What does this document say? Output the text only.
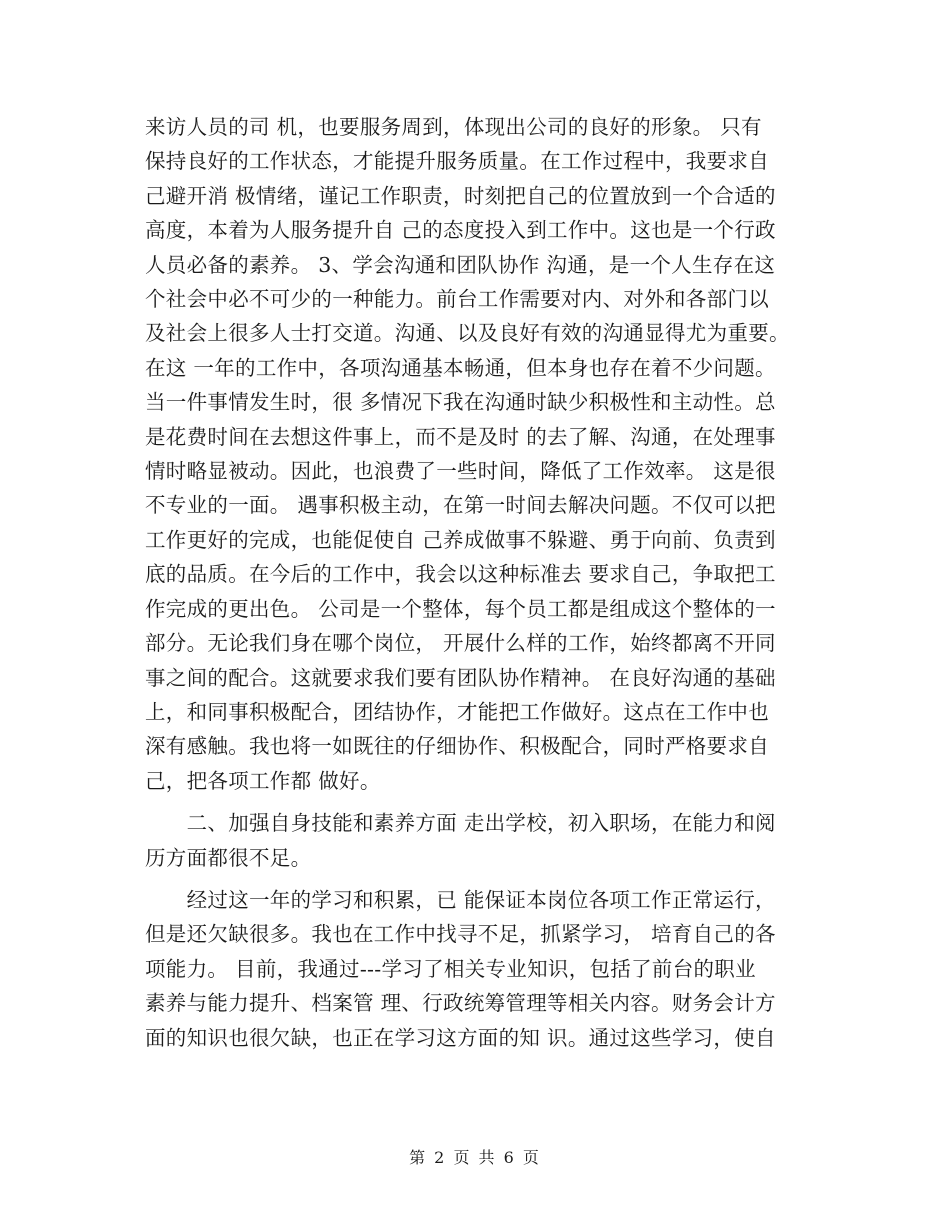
来访人员的司 机，也要服务周到，体现出公司的良好的形象。 只有
保持良好的工作状态，才能提升服务质量。在工作过程中，我要求自
己避开消 极情绪，谨记工作职责，时刻把自己的位置放到一个合适的
高度，本着为人服务提升自 己的态度投入到工作中。这也是一个行政
人员必备的素养。 3、学会沟通和团队协作 沟通，是一个人生存在这
个社会中必不可少的一种能力。前台工作需要对内、对外和各部门以
及社会上很多人士打交道。沟通、以及良好有效的沟通显得尤为重要。
在这 一年的工作中，各项沟通基本畅通，但本身也存在着不少问题。
当一件事情发生时，很 多情况下我在沟通时缺少积极性和主动性。总
是花费时间在去想这件事上，而不是及时 的去了解、沟通，在处理事
情时略显被动。因此，也浪费了一些时间，降低了工作效率。 这是很
不专业的一面。 遇事积极主动，在第一时间去解决问题。不仅可以把
工作更好的完成，也能促使自 己养成做事不躲避、勇于向前、负责到
底的品质。在今后的工作中，我会以这种标准去 要求自己，争取把工
作完成的更出色。 公司是一个整体，每个员工都是组成这个整体的一
部分。无论我们身在哪个岗位， 开展什么样的工作，始终都离不开同
事之间的配合。这就要求我们要有团队协作精神。 在良好沟通的基础
上，和同事积极配合，团结协作，才能把工作做好。这点在工作中也
深有感触。我也将一如既往的仔细协作、积极配合，同时严格要求自
己，把各项工作都 做好。

　　二、加强自身技能和素养方面 走出学校，初入职场，在能力和阅
历方面都很不足。

　　经过这一年的学习和积累，已 能保证本岗位各项工作正常运行，
但是还欠缺很多。我也在工作中找寻不足，抓紧学习， 培育自己的各
项能力。 目前，我通过---学习了相关专业知识，包括了前台的职业
素养与能力提升、档案管 理、行政统筹管理等相关内容。财务会计方
面的知识也很欠缺，也正在学习这方面的知 识。通过这些学习，使自

第 2 页 共 6 页
